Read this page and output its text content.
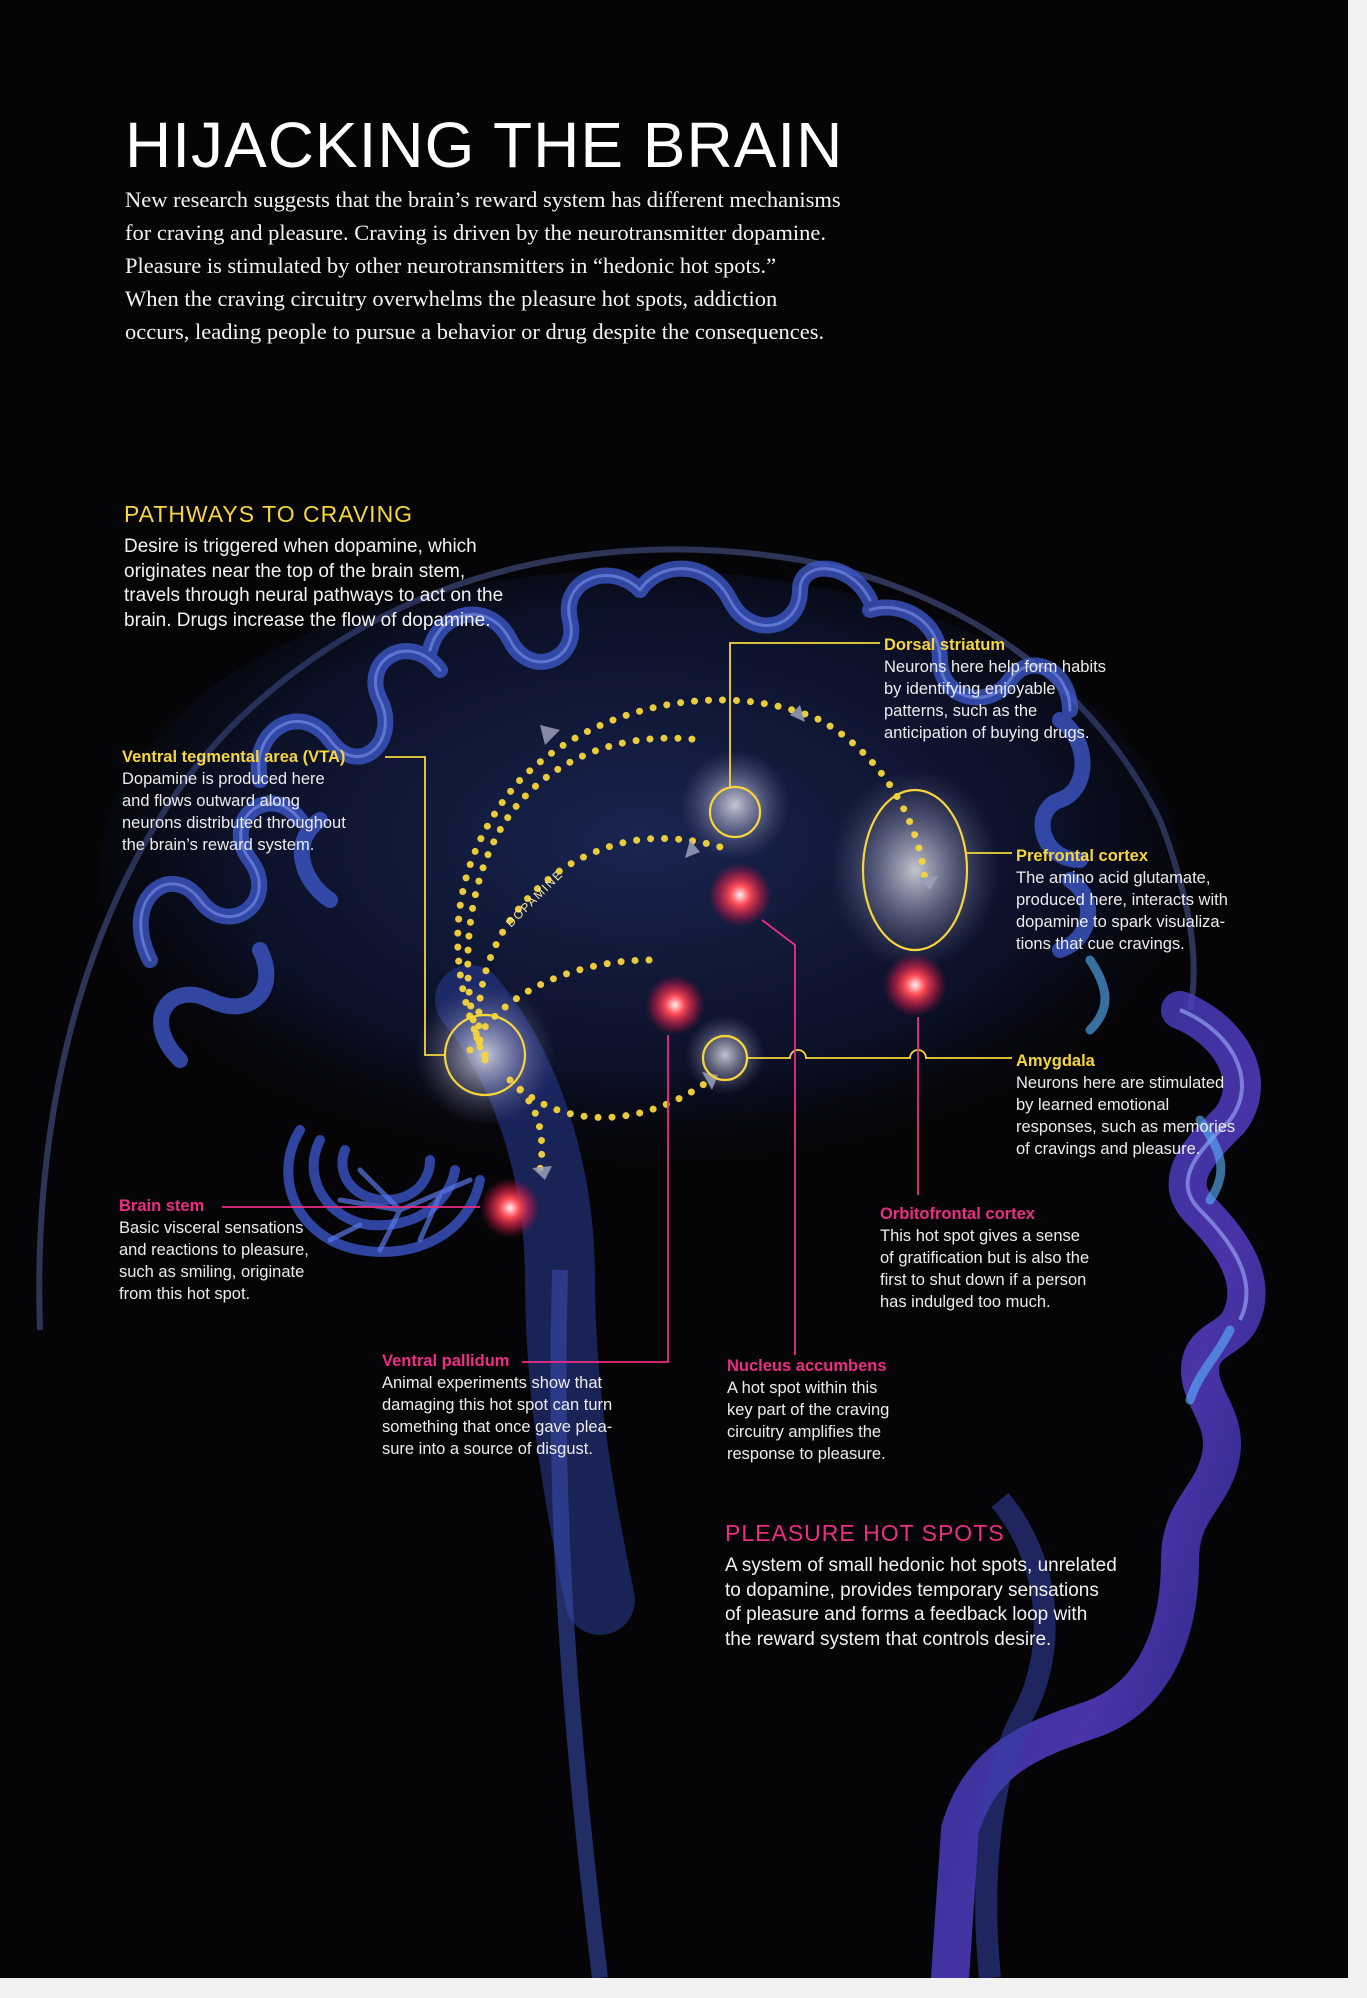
HIJACKING THE BRAIN
New research suggests that the brain’s reward system has different mechanisms
for craving and pleasure. Craving is driven by the neurotransmitter dopamine.
Pleasure is stimulated by other neurotransmitters in “hedonic hot spots.”
When the craving circuitry overwhelms the pleasure hot spots, addiction
occurs, leading people to pursue a behavior or drug despite the consequences.
PATHWAYS TO CRAVING
Desire is triggered when dopamine, which
originates near the top of the brain stem,
travels through neural pathways to act on the
brain. Drugs increase the flow of dopamine.
PLEASURE HOT SPOTS
A system of small hedonic hot spots, unrelated
to dopamine, provides temporary sensations
of pleasure and forms a feedback loop with
the reward system that controls desire.
DOPAMINE
Dorsal striatum
Neurons here help form habits
by identifying enjoyable
patterns, such as the
anticipation of buying drugs.
Ventral tegmental area (VTA)
Dopamine is produced here
and flows outward along
neurons distributed throughout
the brain’s reward system.
Prefrontal cortex
The amino acid glutamate,
produced here, interacts with
dopamine to spark visualiza-
tions that cue cravings.
Amygdala
Neurons here are stimulated
by learned emotional
responses, such as memories
of cravings and pleasure.
Orbitofrontal cortex
This hot spot gives a sense
of gratification but is also the
first to shut down if a person
has indulged too much.
Brain stem
Basic visceral sensations
and reactions to pleasure,
such as smiling, originate
from this hot spot.
Ventral pallidum
Animal experiments show that
damaging this hot spot can turn
something that once gave plea-
sure into a source of disgust.
Nucleus accumbens
A hot spot within this
key part of the craving
circuitry amplifies the
response to pleasure.
